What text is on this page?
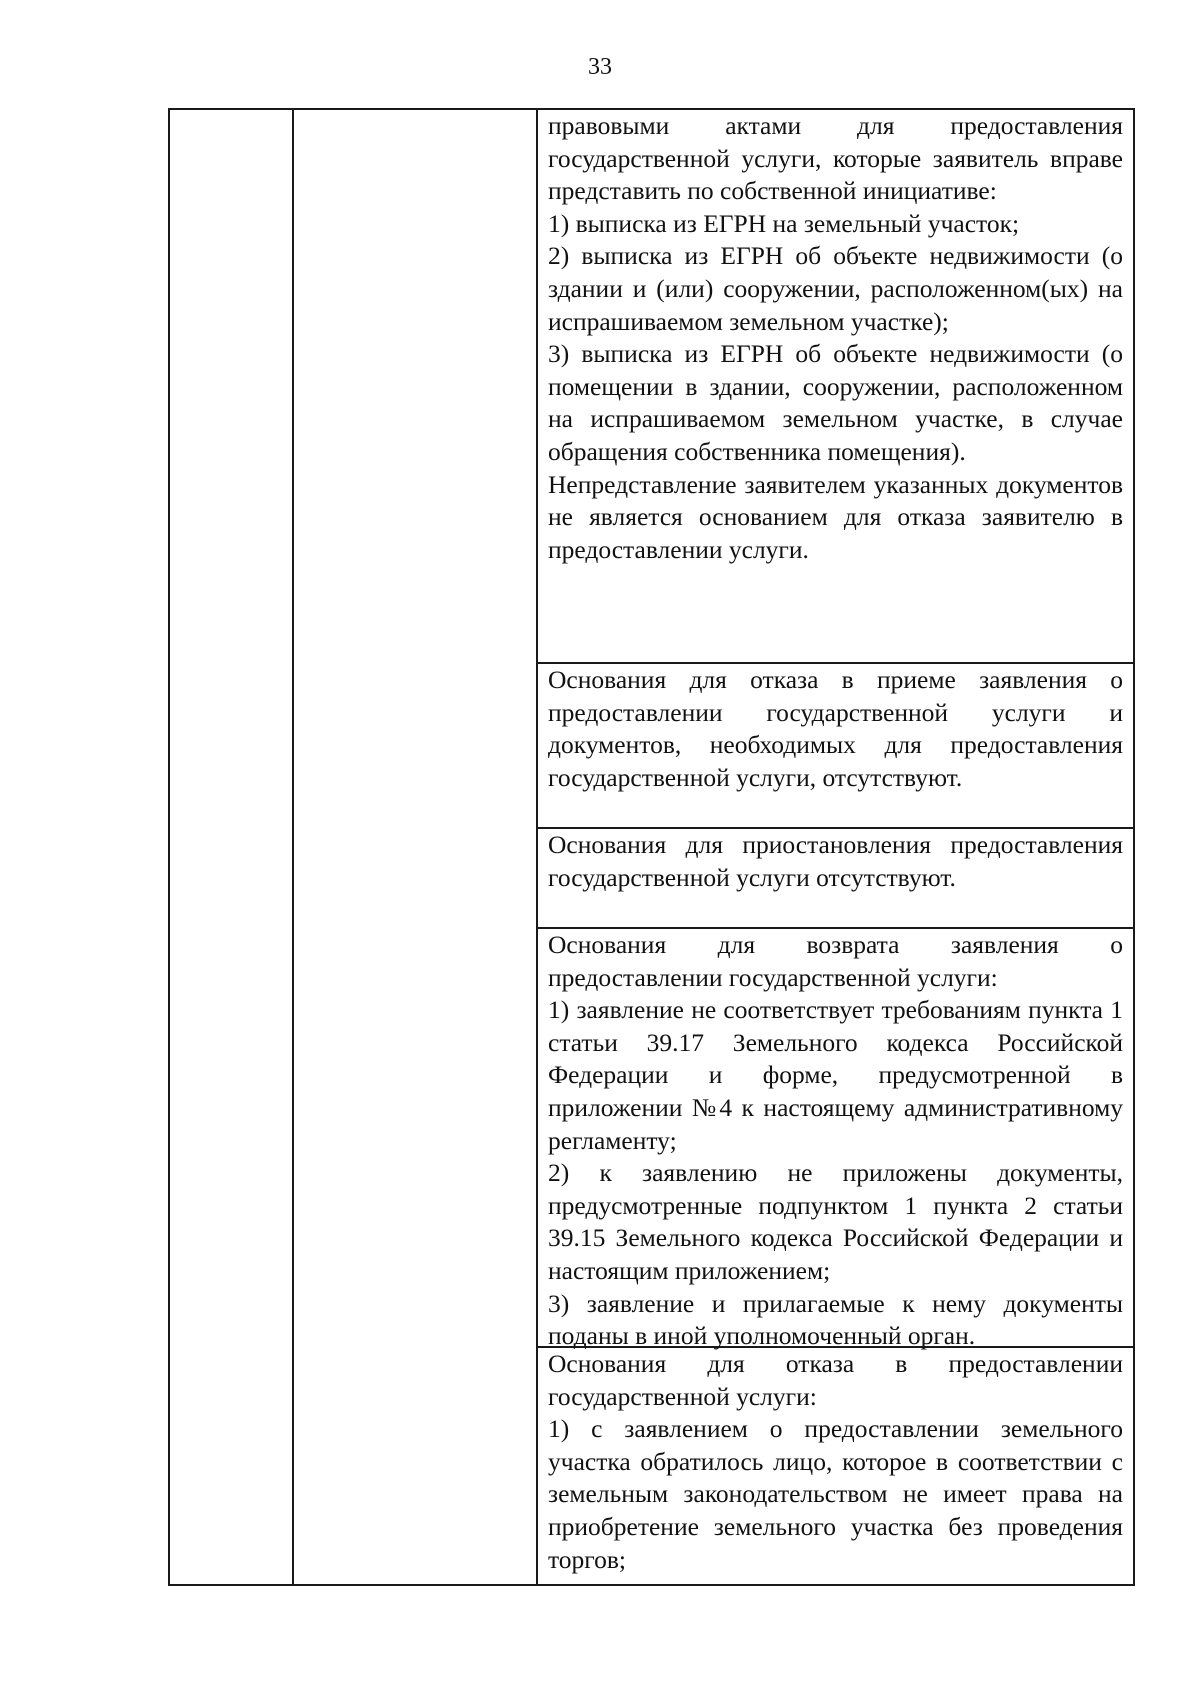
33

правовыми актами для предоставления государственной услуги, которые заявитель вправе представить по собственной инициативе:

1) выписка из ЕГРН на земельный участок;

2) выписка из ЕГРН об объекте недвижимости (о здании и (или) сооружении, расположенном(ых) на испрашиваемом земельном участке);

3) выписка из ЕГРН об объекте недвижимости (о помещении в здании, сооружении, расположенном на испрашиваемом земельном участке, в случае обращения собственника помещения).

Непредставление заявителем указанных документов не является основанием для отказа заявителю в предоставлении услуги.

Основания для отказа в приеме заявления о предоставлении государственной услуги и документов, необходимых для предоставления государственной услуги, отсутствуют.

Основания для приостановления предоставления государственной услуги отсутствуют.

Основания для возврата заявления о предоставлении государственной услуги:

1) заявление не соответствует требованиям пункта 1 статьи 39.17 Земельного кодекса Российской Федерации и форме, предусмотренной в приложении №4 к настоящему административному регламенту;

2) к заявлению не приложены документы, предусмотренные подпунктом 1 пункта 2 статьи 39.15 Земельного кодекса Российской Федерации и настоящим приложением;

3) заявление и прилагаемые к нему документы поданы в иной уполномоченный орган.

Основания для отказа в предоставлении государственной услуги:

1) с заявлением о предоставлении земельного участка обратилось лицо, которое в соответствии с земельным законодательством не имеет права на приобретение земельного участка без проведения торгов;
